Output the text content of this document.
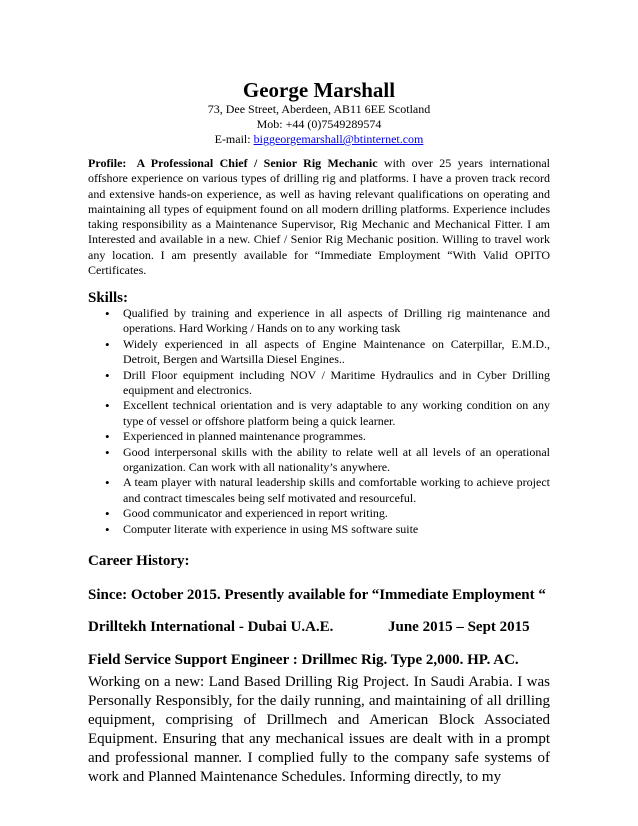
George Marshall
73, Dee Street, Aberdeen, AB11 6EE Scotland
Mob: +44 (0)7549289574
E-mail: biggeorgemarshall@btinternet.com
Profile: A Professional Chief / Senior Rig Mechanic with over 25 years international offshore experience on various types of drilling rig and platforms. I have a proven track record and extensive hands-on experience, as well as having relevant qualifications on operating and maintaining all types of equipment found on all modern drilling platforms. Experience includes taking responsibility as a Maintenance Supervisor, Rig Mechanic and Mechanical Fitter. I am Interested and available in a new. Chief / Senior Rig Mechanic position. Willing to travel work any location. I am presently available for “Immediate Employment “With Valid OPITO Certificates.
Skills:
• Qualified by training and experience in all aspects of Drilling rig maintenance and operations. Hard Working / Hands on to any working task
• Widely experienced in all aspects of Engine Maintenance on Caterpillar, E.M.D., Detroit, Bergen and Wartsilla Diesel Engines..
• Drill Floor equipment including NOV / Maritime Hydraulics and in Cyber Drilling equipment and electronics.
• Excellent technical orientation and is very adaptable to any working condition on any type of vessel or offshore platform being a quick learner.
• Experienced in planned maintenance programmes.
• Good interpersonal skills with the ability to relate well at all levels of an operational organization. Can work with all nationality’s anywhere.
• A team player with natural leadership skills and comfortable working to achieve project and contract timescales being self motivated and resourceful.
• Good communicator and experienced in report writing.
• Computer literate with experience in using MS software suite
Career History:
Since: October 2015. Presently available for “Immediate Employment “
Drilltekh International - Dubai U.A.E.	June 2015 – Sept 2015
Field Service Support Engineer : Drillmec Rig. Type 2,000. HP. AC.
Working on a new: Land Based Drilling Rig Project. In Saudi Arabia. I was Personally Responsibly, for the daily running, and maintaining of all drilling equipment, comprising of Drillmech and American Block Associated Equipment. Ensuring that any mechanical issues are dealt with in a prompt and professional manner. I complied fully to the company safe systems of work and Planned Maintenance Schedules. Informing directly, to my
